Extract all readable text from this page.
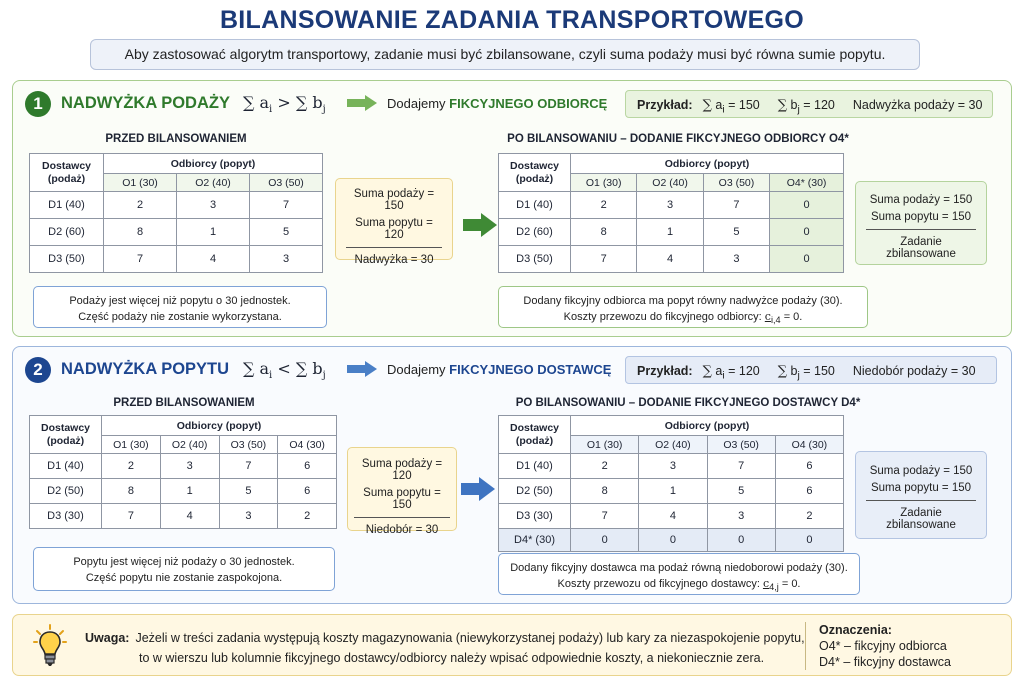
BILANSOWANIE ZADANIA TRANSPORTOWEGO
Aby zastosować algorytm transportowy, zadanie musi być zbilansowane, czyli suma podaży musi być równa sumie popytu.
1	NADWYŻKA PODAŻY ∑ $a_i$ > ∑ $b_j$	Dodajemy FIKCYJNEGO ODBIORCĘ	Przykład: ∑ $a_i = 150$ ∑ $b_j = 120$ Nadwyżka podaży = 30
PRZED BILANSOWANIEM
Dostawcy
(podaż)	Odbiorcy (popyt)		
	O1 (30)	O2 (40)	O3 (50)
D1 (40)	2	3	7
D2 (60)	8	1	5
D3 (50)	7	4	3
Suma podaży = 150
Suma popytu = 120
Nadwyżka = 30
PO BILANSOWANIU – DODANIE FIKCYJNEGO ODBIORCY O4*
Dostawcy
(podaż)	Odbiorcy (popyt)			
	O1 (30)	O2 (40)	O3 (50)	O4* (30)
D1 (40)	2	3	7	0
D2 (60)	8	1	5	0
D3 (50)	7	4	3	0
Suma podaży = 150
Suma popytu = 150
Zadanie zbilansowane
Podaży jest więcej niż popytu o 30 jednostek.
Część podaży nie zostanie wykorzystana.
Dodany fikcyjny odbiorca ma popyt równy nadwyżce podaży (30).
Koszty przewozu do fikcyjnego odbiorcy: $c_{i,4} = 0$.
2	NADWYŻKA POPYTU ∑ $a_i$ < ∑ $b_j$	Dodajemy FIKCYJNEGO DOSTAWCĘ	Przykład: ∑ $a_i = 120$ ∑ $b_j = 150$ Niedobór podaży = 30
PRZED BILANSOWANIEM
Dostawcy
(podaż)	Odbiorcy (popyt)			
	O1 (30)	O2 (40)	O3 (50)	O4 (30)
D1 (40)	2	3	7	6
D2 (50)	8	1	5	6
D3 (30)	7	4	3	2
Suma podaży = 120
Suma popytu = 150
Niedobór = 30
PO BILANSOWANIU – DODANIE FIKCYJNEGO DOSTAWCY D4*
Dostawcy
(podaż)	Odbiorcy (popyt)			
	O1 (30)	O2 (40)	O3 (50)	O4 (30)
D1 (40)	2	3	7	6
D2 (50)	8	1	5	6
D3 (30)	7	4	3	2
D4* (30)	0	0	0	0
Suma podaży = 150
Suma popytu = 150
Zadanie zbilansowane
Popytu jest więcej niż podaży o 30 jednostek.
Część popytu nie zostanie zaspokojona.
Dodany fikcyjny dostawca ma podaż równą niedoborowi podaży (30).
Koszty przewozu od fikcyjnego dostawcy: $c_{4,j} = 0$.
Uwaga: Jeżeli w treści zadania występują koszty magazynowania (niewykorzystanej podaży) lub kary za niezaspokojenie popytu,
to w wierszu lub kolumnie fikcyjnego dostawcy/odbiorcy należy wpisać odpowiednie koszty, a niekoniecznie zera.
Oznaczenia:
O4* – fikcyjny odbiorca
D4* – fikcyjny dostawca
